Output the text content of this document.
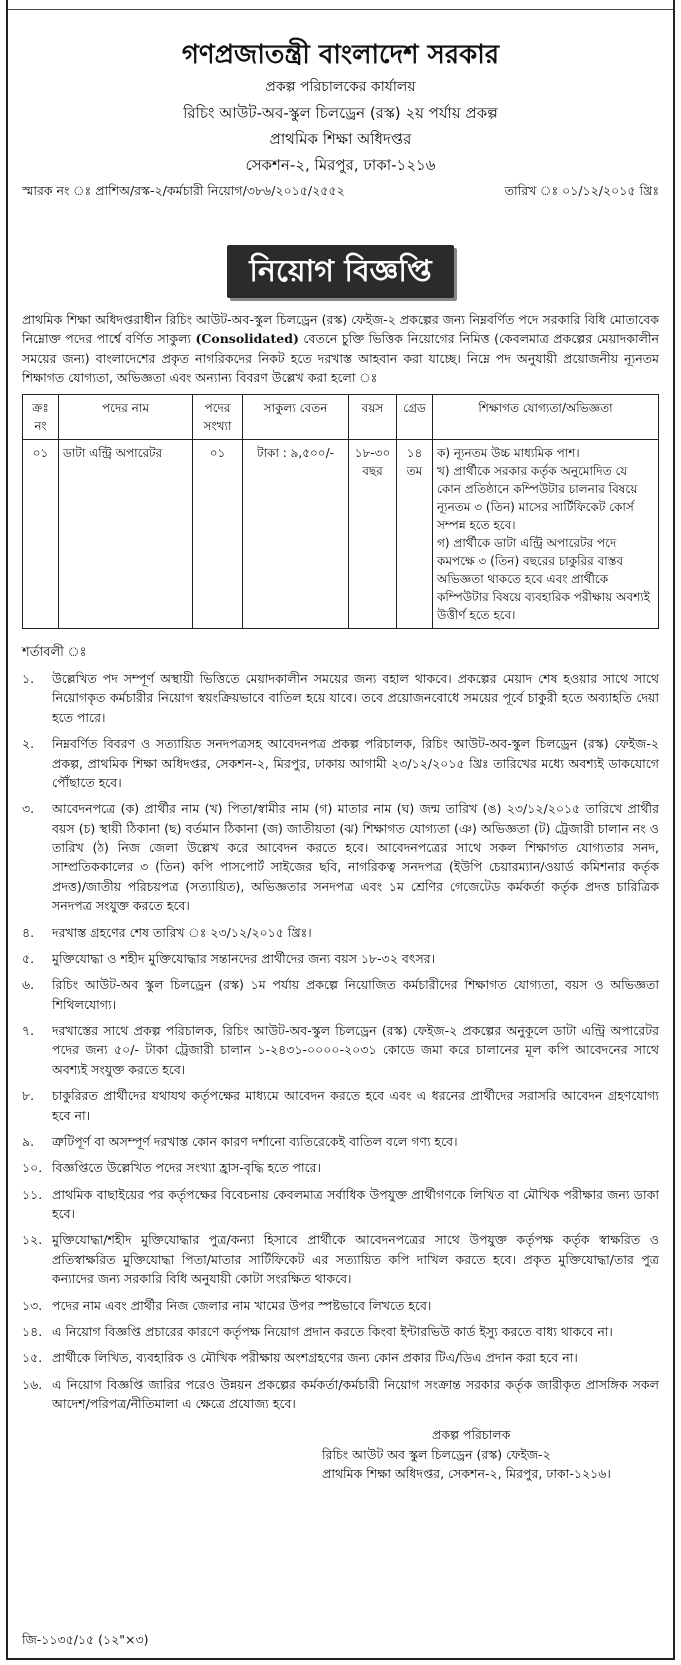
গণপ্রজাতন্ত্রী বাংলাদেশ সরকার
প্রকল্প পরিচালকের কার্যালয়
রিচিং আউট-অব-স্কুল চিলড্রেন (রস্ক) ২য় পর্যায় প্রকল্প
প্রাথমিক শিক্ষা অধিদপ্তর
সেকশন-২, মিরপুর, ঢাকা-১২১৬
স্মারক নং ঃ প্রাশিঅ/রস্ক-২/কর্মচারী নিয়োগ/৩৮৬/২০১৫/২৫৫২	তারিখ ঃ ০১/১২/২০১৫ খ্রিঃ
নিয়োগ বিজ্ঞপ্তি

প্রাথমিক শিক্ষা অধিদপ্তরাধীন রিচিং আউট-অব-স্কুল চিলড্রেন (রস্ক) ফেইজ-২ প্রকল্পের জন্য নিম্নবর্ণিত পদে সরকারি বিধি মোতাবেক নিম্নোক্ত পদের পার্শ্বে বর্ণিত সাকুল্য (Consolidated) বেতনে চুক্তি ভিত্তিক নিয়োগের নিমিত্ত (কেবলমাত্র প্রকল্পের মেয়াদকালীন সময়ের জন্য) বাংলাদেশের প্রকৃত নাগরিকদের নিকট হতে দরখাস্ত আহবান করা যাচ্ছে। নিম্নে পদ অনুযায়ী প্রয়োজনীয় ন্যূনতম শিক্ষাগত যোগ্যতা, অভিজ্ঞতা এবং অন্যান্য বিবরণ উল্লেখ করা হলো ঃ

ক্রঃ নং	পদের নাম	পদের সংখ্যা	সাকুল্য বেতন	বয়স	গ্রেড	শিক্ষাগত যোগ্যতা/অভিজ্ঞতা
০১	ডাটা এন্ট্রি অপারেটর	০১	টাকা : ৯,৫০০/-	১৮-৩০ বছর	১৪ তম	ক) ন্যূনতম উচ্চ মাধ্যমিক পাশ।

খ) প্রার্থীকে সরকার কর্তৃক অনুমোদিত যে কোন প্রতিষ্ঠানে কম্পিউটার চালনার বিষয়ে ন্যূনতম ৩ (তিন) মাসের সার্টিফিকেট কোর্স সম্পন্ন হতে হবে।

গ) প্রার্থীকে ডাটা এন্ট্রি অপারেটর পদে কমপক্ষে ৩ (তিন) বছরের চাকুরির বাস্তব অভিজ্ঞতা থাকতে হবে এবং প্রার্থীকে কম্পিউটার বিষয়ে ব্যবহারিক পরীক্ষায় অবশ্যই উত্তীর্ণ হতে হবে।

শর্তাবলী ঃ
১.	উল্লেখিত পদ সম্পূর্ণ অস্থায়ী ভিত্তিতে মেয়াদকালীন সময়ের জন্য বহাল থাকবে। প্রকল্পের মেয়াদ শেষ হওয়ার সাথে সাথে নিয়োগকৃত কর্মচারীর নিয়োগ স্বয়ংক্রিয়ভাবে বাতিল হয়ে যাবে। তবে প্রয়োজনবোধে সময়ের পূর্বে চাকুরী হতে অব্যাহতি দেয়া হতে পারে।
২.	নিম্নবর্ণিত বিবরণ ও সত্যায়িত সনদপত্রসহ আবেদনপত্র প্রকল্প পরিচালক, রিচিং আউট-অব-স্কুল চিলড্রেন (রস্ক) ফেইজ-২ প্রকল্প, প্রাথমিক শিক্ষা অধিদপ্তর, সেকশন-২, মিরপুর, ঢাকায় আগামী ২৩/১২/২০১৫ খ্রিঃ তারিখের মধ্যে অবশ্যই ডাকযোগে পৌঁছাতে হবে।
৩.	আবেদনপত্রে (ক) প্রার্থীর নাম (খ) পিতা/স্বামীর নাম (গ) মাতার নাম (ঘ) জন্ম তারিখ (ঙ) ২৩/১২/২০১৫ তারিখে প্রার্থীর বয়স (চ) স্থায়ী ঠিকানা (ছ) বর্তমান ঠিকানা (জ) জাতীয়তা (ঝ) শিক্ষাগত যোগ্যতা (ঞ) অভিজ্ঞতা (ট) ট্রেজারী চালান নং ও তারিখ (ঠ) নিজ জেলা উল্লেখ করে আবেদন করতে হবে। আবেদনপত্রের সাথে সকল শিক্ষাগত যোগ্যতার সনদ, সাম্প্রতিককালের ৩ (তিন) কপি পাসপোর্ট সাইজের ছবি, নাগরিকত্ব সনদপত্র (ইউপি চেয়ারম্যান/ওয়ার্ড কমিশনার কর্তৃক প্রদত্ত)/জাতীয় পরিচয়পত্র (সত্যায়িত), অভিজ্ঞতার সনদপত্র এবং ১ম শ্রেণির গেজেটেড কর্মকর্তা কর্তৃক প্রদত্ত চারিত্রিক সনদপত্র সংযুক্ত করতে হবে।
৪.	দরখাস্ত গ্রহণের শেষ তারিখ ঃ ২৩/১২/২০১৫ খ্রিঃ।
৫.	মুক্তিযোদ্ধা ও শহীদ মুক্তিযোদ্ধার সন্তানদের প্রার্থীদের জন্য বয়স ১৮-৩২ বৎসর।
৬.	রিচিং আউট-অব স্কুল চিলড্রেন (রস্ক) ১ম পর্যায় প্রকল্পে নিয়োজিত কর্মচারীদের শিক্ষাগত যোগ্যতা, বয়স ও অভিজ্ঞতা শিথিলযোগ্য।
৭.	দরখাস্তের সাথে প্রকল্প পরিচালক, রিচিং আউট-অব-স্কুল চিলড্রেন (রস্ক) ফেইজ-২ প্রকল্পের অনুকূলে ডাটা এন্ট্রি অপারেটর পদের জন্য ৫০/- টাকা ট্রেজারী চালান ১-২৪৩১-০০০০-২০৩১ কোডে জমা করে চালানের মূল কপি আবেদনের সাথে অবশ্যই সংযুক্ত করতে হবে।
৮.	চাকুরিরত প্রার্থীদের যথাযথ কর্তৃপক্ষের মাধ্যমে আবেদন করতে হবে এবং এ ধরনের প্রার্থীদের সরাসরি আবেদন গ্রহণযোগ্য হবে না।
৯.	ত্রুটিপূর্ণ বা অসম্পূর্ণ দরখাস্ত কোন কারণ দর্শানো ব্যতিরেকেই বাতিল বলে গণ্য হবে।
১০. বিজ্ঞপ্তিতে উল্লেখিত পদের সংখ্যা হ্রাস-বৃদ্ধি হতে পারে।
১১. প্রাথমিক বাছাইয়ের পর কর্তৃপক্ষের বিবেচনায় কেবলমাত্র সর্বাধিক উপযুক্ত প্রার্থীগণকে লিখিত বা মৌখিক পরীক্ষার জন্য ডাকা হবে।
১২. মুক্তিযোদ্ধা/শহীদ মুক্তিযোদ্ধার পুত্র/কন্যা হিসাবে প্রার্থীকে আবেদনপত্রের সাথে উপযুক্ত কর্তৃপক্ষ কর্তৃক স্বাক্ষরিত ও প্রতিস্বাক্ষরিত মুক্তিযোদ্ধা পিতা/মাতার সার্টিফিকেট এর সত্যায়িত কপি দাখিল করতে হবে। প্রকৃত মুক্তিযোদ্ধা/তার পুত্র কন্যাদের জন্য সরকারি বিধি অনুযায়ী কোটা সংরক্ষিত থাকবে।
১৩. পদের নাম এবং প্রার্থীর নিজ জেলার নাম খামের উপর স্পষ্টভাবে লিখতে হবে।
১৪. এ নিয়োগ বিজ্ঞপ্তি প্রচারের কারণে কর্তৃপক্ষ নিয়োগ প্রদান করতে কিংবা ইন্টারভিউ কার্ড ইস্যু করতে বাধ্য থাকবে না।
১৫. প্রার্থীকে লিখিত, ব্যবহারিক ও মৌখিক পরীক্ষায় অংশগ্রহণের জন্য কোন প্রকার টিএ/ডিএ প্রদান করা হবে না।
১৬. এ নিয়োগ বিজ্ঞপ্তি জারির পরেও উন্নয়ন প্রকল্পের কর্মকর্তা/কর্মচারী নিয়োগ সংক্রান্ত সরকার কর্তৃক জারীকৃত প্রাসঙ্গিক সকল আদেশ/পরিপত্র/নীতিমালা এ ক্ষেত্রে প্রযোজ্য হবে।
প্রকল্প পরিচালক
রিচিং আউট অব স্কুল চিলড্রেন (রস্ক) ফেইজ-২
প্রাথমিক শিক্ষা অধিদপ্তর, সেকশন-২, মিরপুর, ঢাকা-১২১৬।
জি-১১৩৫/১৫ (১২"×৩)
